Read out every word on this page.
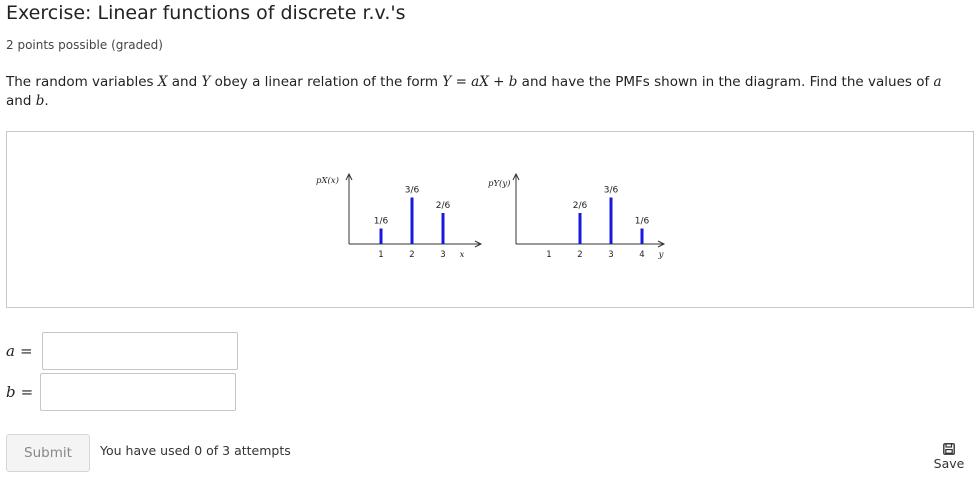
Exercise: Linear functions of discrete r.v.'s
2 points possible (graded)
The random variables X and Y obey a linear relation of the form Y = aX + b and have the PMFs shown in the diagram. Find the values of a
and b.
pX(x)
x
1
1/6
2
3/6
3
2/6
pY(y)
y
1	2
2/6
3
3/6
4
1/6
a =
b =
Submit	You have used 0 of 3 attempts
Save
